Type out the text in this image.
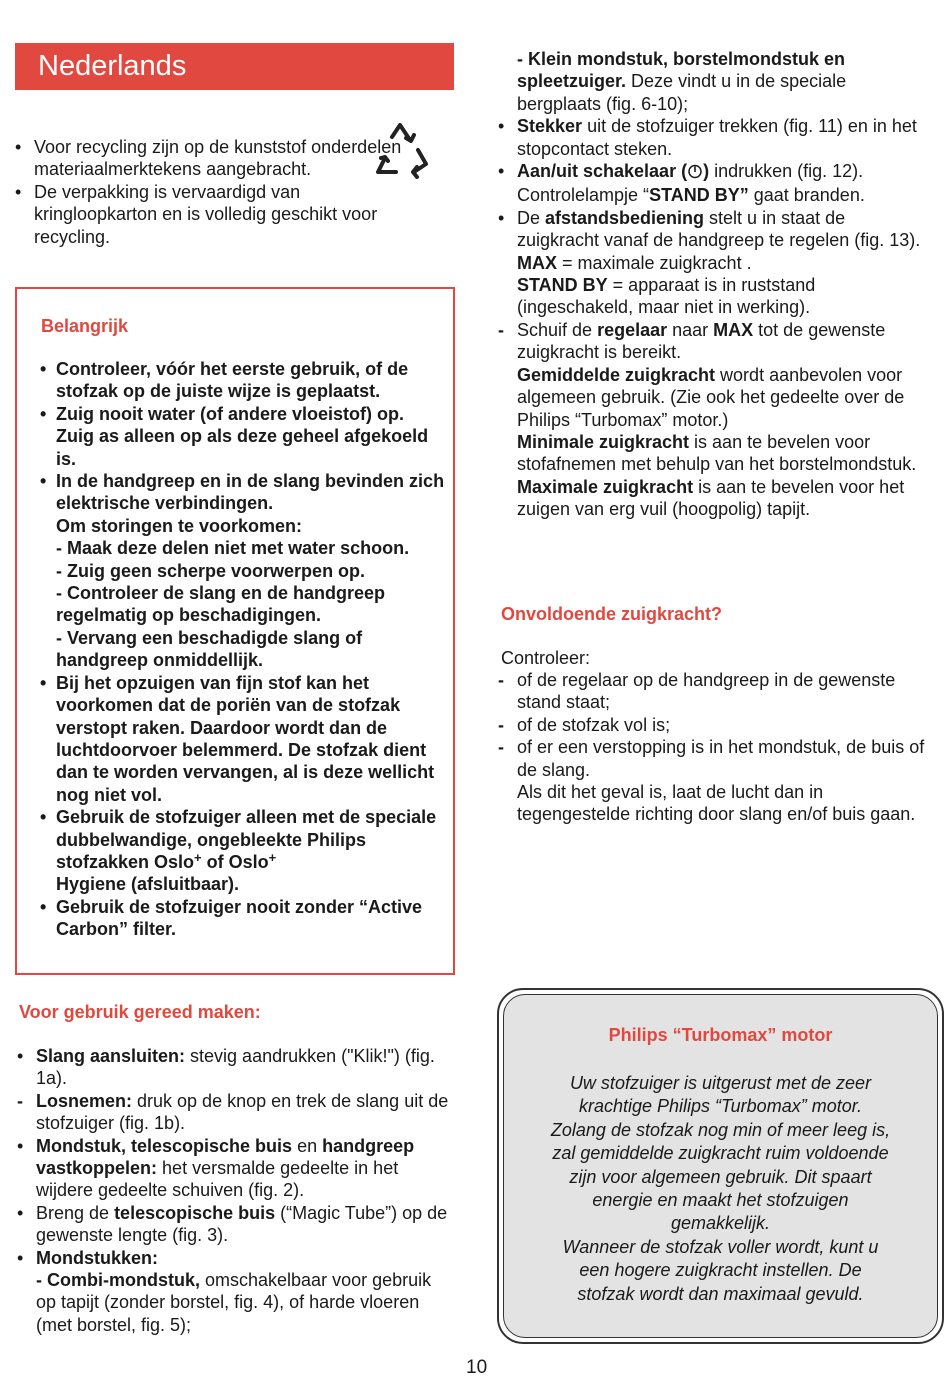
Nederlands
• Voor recycling zijn op de kunststof onderdelen materiaalmerktekens aangebracht.
• De verpakking is vervaardigd van kringloopkarton en is volledig geschikt voor recycling.
Belangrijk
• Controleer, vóór het eerste gebruik, of de stofzak op de juiste wijze is geplaatst.
• Zuig nooit water (of andere vloeistof) op. Zuig as alleen op als deze geheel afgekoeld is.
• In de handgreep en in de slang bevinden zich elektrische verbindingen.
Om storingen te voorkomen:
- Maak deze delen niet met water schoon.
- Zuig geen scherpe voorwerpen op.
- Controleer de slang en de handgreep regelmatig op beschadigingen.
- Vervang een beschadigde slang of handgreep onmiddellijk.
• Bij het opzuigen van fijn stof kan het voorkomen dat de poriën van de stofzak verstopt raken. Daardoor wordt dan de luchtdoorvoer belemmerd. De stofzak dient dan te worden vervangen, al is deze wellicht nog niet vol.
• Gebruik de stofzuiger alleen met de speciale dubbelwandige, ongebleekte Philips stofzakken Oslo+ of Oslo+
Hygiene (afsluitbaar).
• Gebruik de stofzuiger nooit zonder “Active Carbon” filter.
Voor gebruik gereed maken:
• Slang aansluiten: stevig aandrukken ("Klik!") (fig. 1a).
- Losnemen: druk op de knop en trek de slang uit de stofzuiger (fig. 1b).
• Mondstuk, telescopische buis en handgreep vastkoppelen: het versmalde gedeelte in het wijdere gedeelte schuiven (fig. 2).
• Breng de telescopische buis (“Magic Tube”) op de gewenste lengte (fig. 3).
• Mondstukken:
- Combi-mondstuk, omschakelbaar voor gebruik op tapijt (zonder borstel, fig. 4), of harde vloeren (met borstel, fig. 5);
- Klein mondstuk, borstelmondstuk en spleetzuiger. Deze vindt u in de speciale bergplaats (fig. 6-10);
• Stekker uit de stofzuiger trekken (fig. 11) en in het stopcontact steken.
• Aan/uit schakelaar ( ) indrukken (fig. 12).
Controlelampje “STAND BY” gaat branden.
• De afstandsbediening stelt u in staat de zuigkracht vanaf de handgreep te regelen (fig. 13).
MAX = maximale zuigkracht .
STAND BY = apparaat is in ruststand (ingeschakeld, maar niet in werking).
- Schuif de regelaar naar MAX tot de gewenste zuigkracht is bereikt.
Gemiddelde zuigkracht wordt aanbevolen voor algemeen gebruik. (Zie ook het gedeelte over de Philips “Turbomax” motor.)
Minimale zuigkracht is aan te bevelen voor stofafnemen met behulp van het borstelmondstuk.
Maximale zuigkracht is aan te bevelen voor het zuigen van erg vuil (hoogpolig) tapijt.
Onvoldoende zuigkracht?
Controleer:
- of de regelaar op de handgreep in de gewenste stand staat;
- of de stofzak vol is;
- of er een verstopping is in het mondstuk, de buis of de slang.
Als dit het geval is, laat de lucht dan in tegengestelde richting door slang en/of buis gaan.
Philips “Turbomax” motor
Uw stofzuiger is uitgerust met de zeer
krachtige Philips “Turbomax” motor.
Zolang de stofzak nog min of meer leeg is,
zal gemiddelde zuigkracht ruim voldoende
zijn voor algemeen gebruik. Dit spaart
energie en maakt het stofzuigen
gemakkelijk.
Wanneer de stofzak voller wordt, kunt u
een hogere zuigkracht instellen. De
stofzak wordt dan maximaal gevuld.
10
